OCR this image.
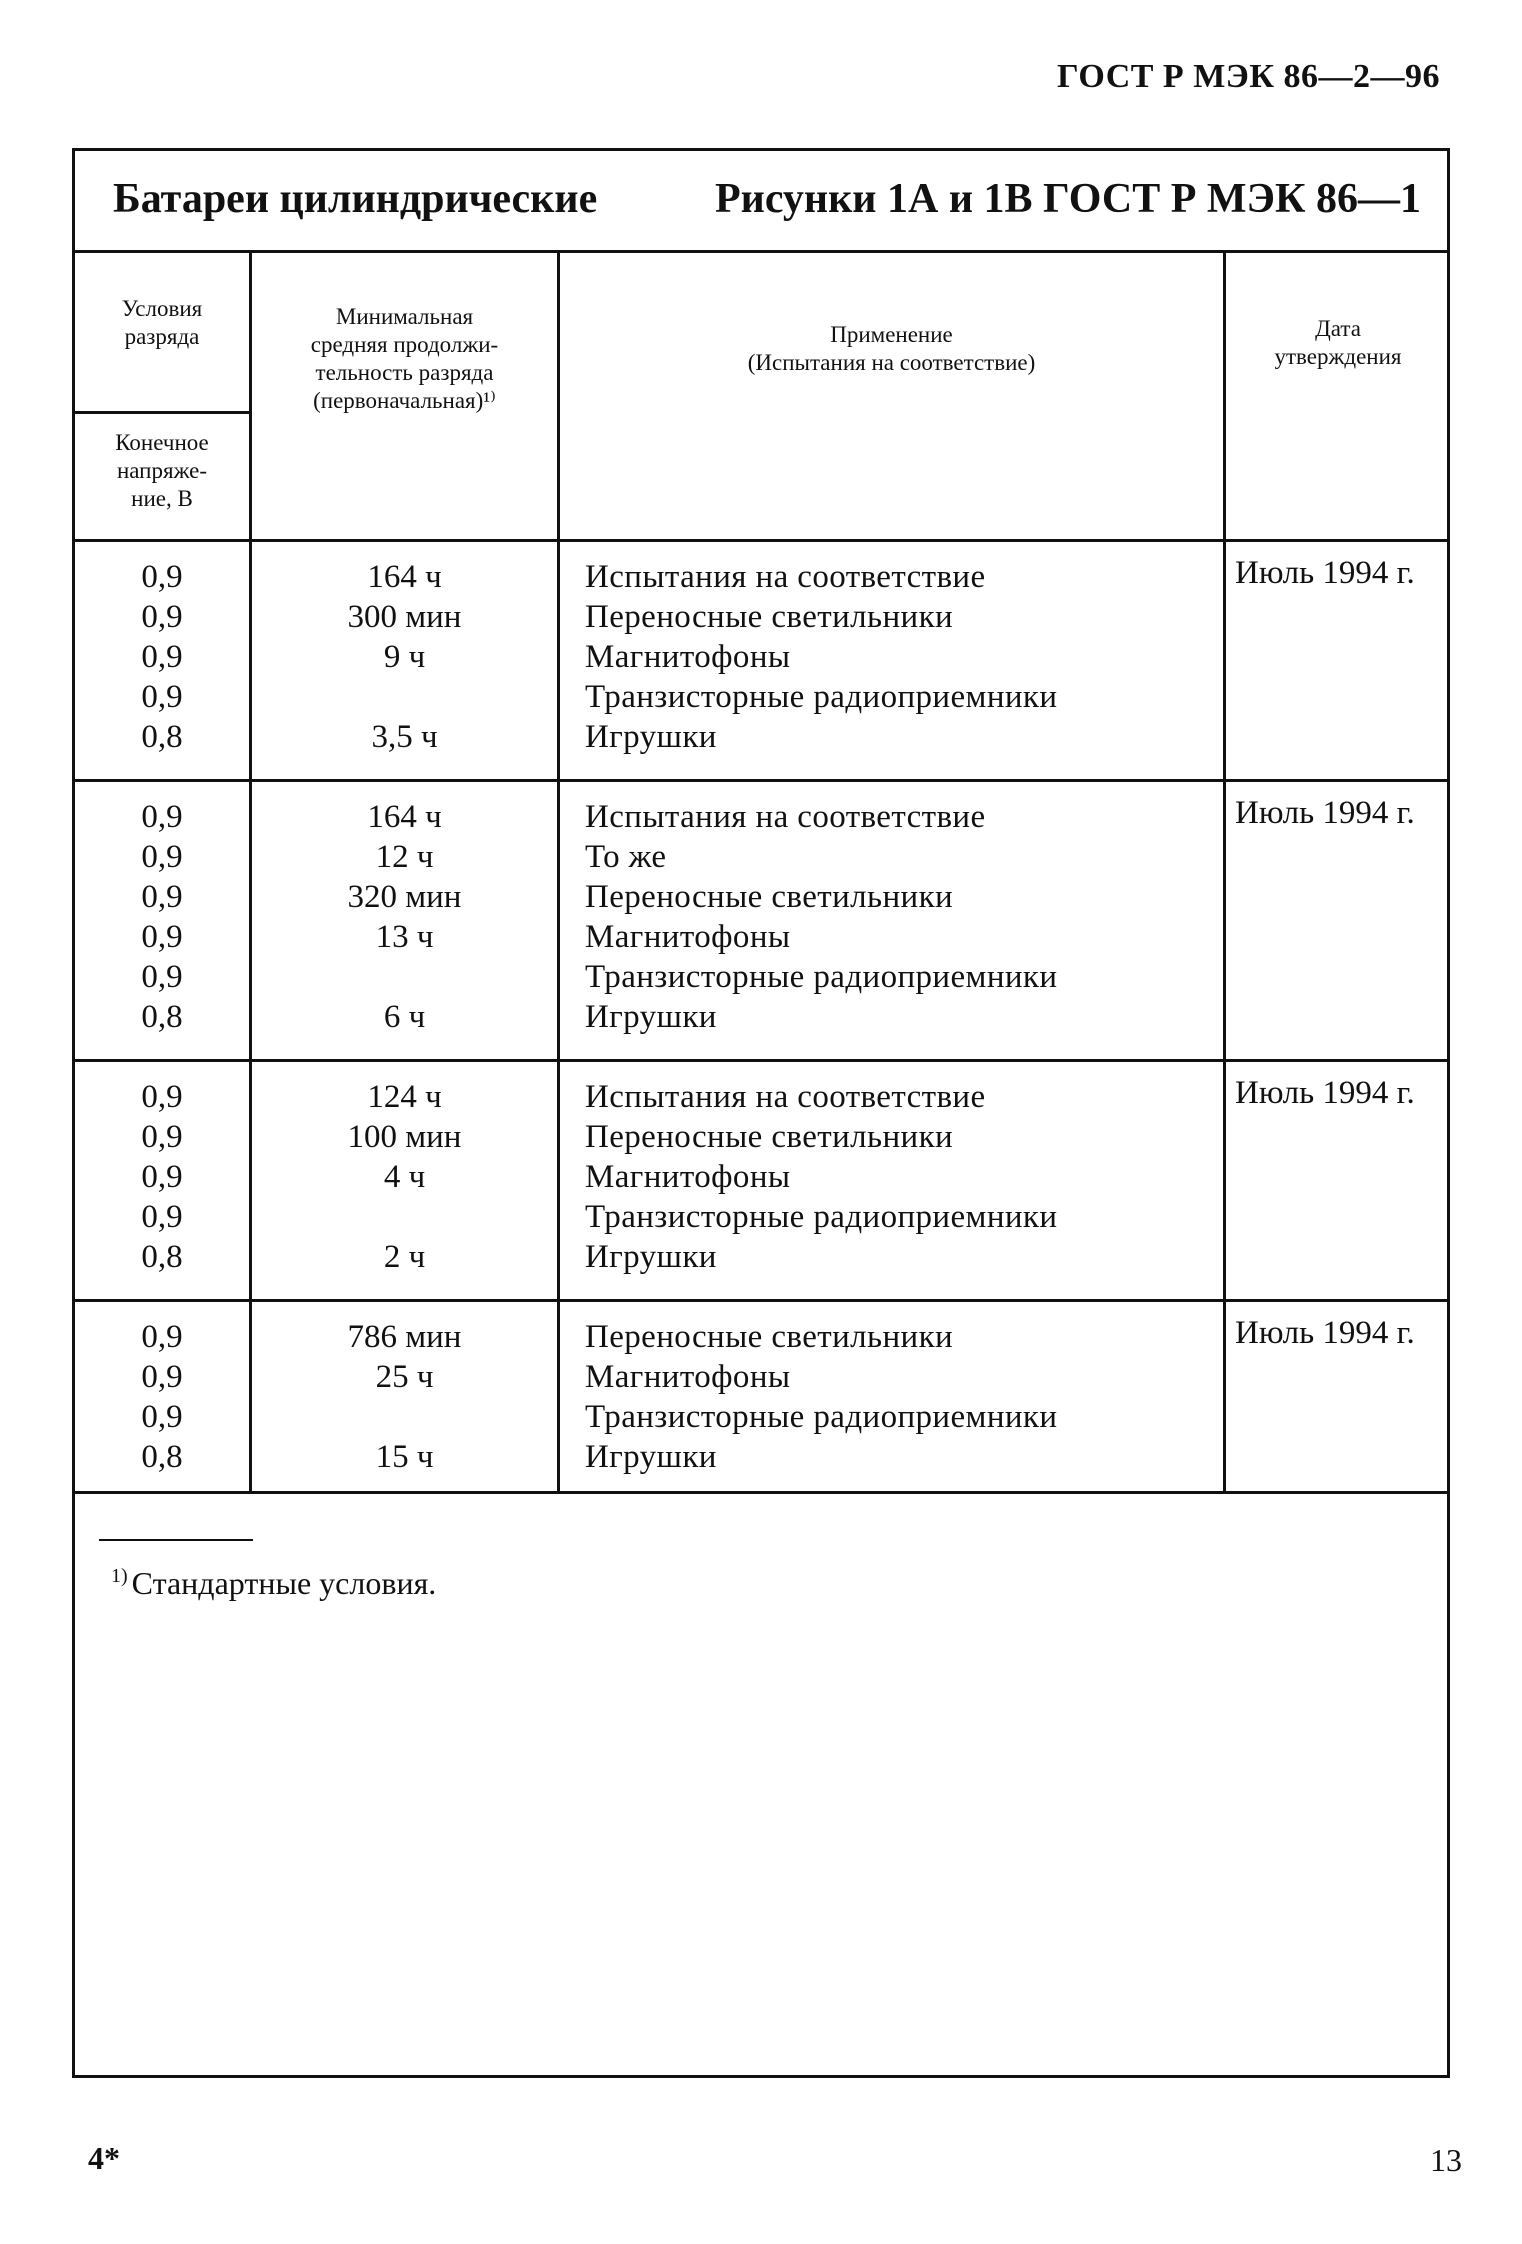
ГОСТ Р МЭК 86—2—96
Батареи цилиндрические	Рисунки 1А и 1В ГОСТ Р МЭК 86—1
Условия
разряда
Конечное
напряже-
ние, В
Минимальная
средняя продолжи-
тельность разряда
(первоначальная)¹⁾
Применение
(Испытания на соответствие)
Дата
утверждения
0,9
0,9
0,9
0,9
0,8
164 ч
300 мин
9 ч
3,5 ч
Испытания на соответствие
Переносные светильники
Магнитофоны
Транзисторные радиоприемники
Игрушки
Июль 1994 г.
0,9
0,9
0,9
0,9
0,9
0,8
164 ч
12 ч
320 мин
13 ч
6 ч
Испытания на соответствие
То же
Переносные светильники
Магнитофоны
Транзисторные радиоприемники
Игрушки
Июль 1994 г.
0,9
0,9
0,9
0,9
0,8
124 ч
100 мин
4 ч
2 ч
Испытания на соответствие
Переносные светильники
Магнитофоны
Транзисторные радиоприемники
Игрушки
Июль 1994 г.
0,9
0,9
0,9
0,8
786 мин
25 ч
15 ч
Переносные светильники
Магнитофоны
Транзисторные радиоприемники
Игрушки
Июль 1994 г.
$^{1)}$ Стандартные условия.
4*	13
